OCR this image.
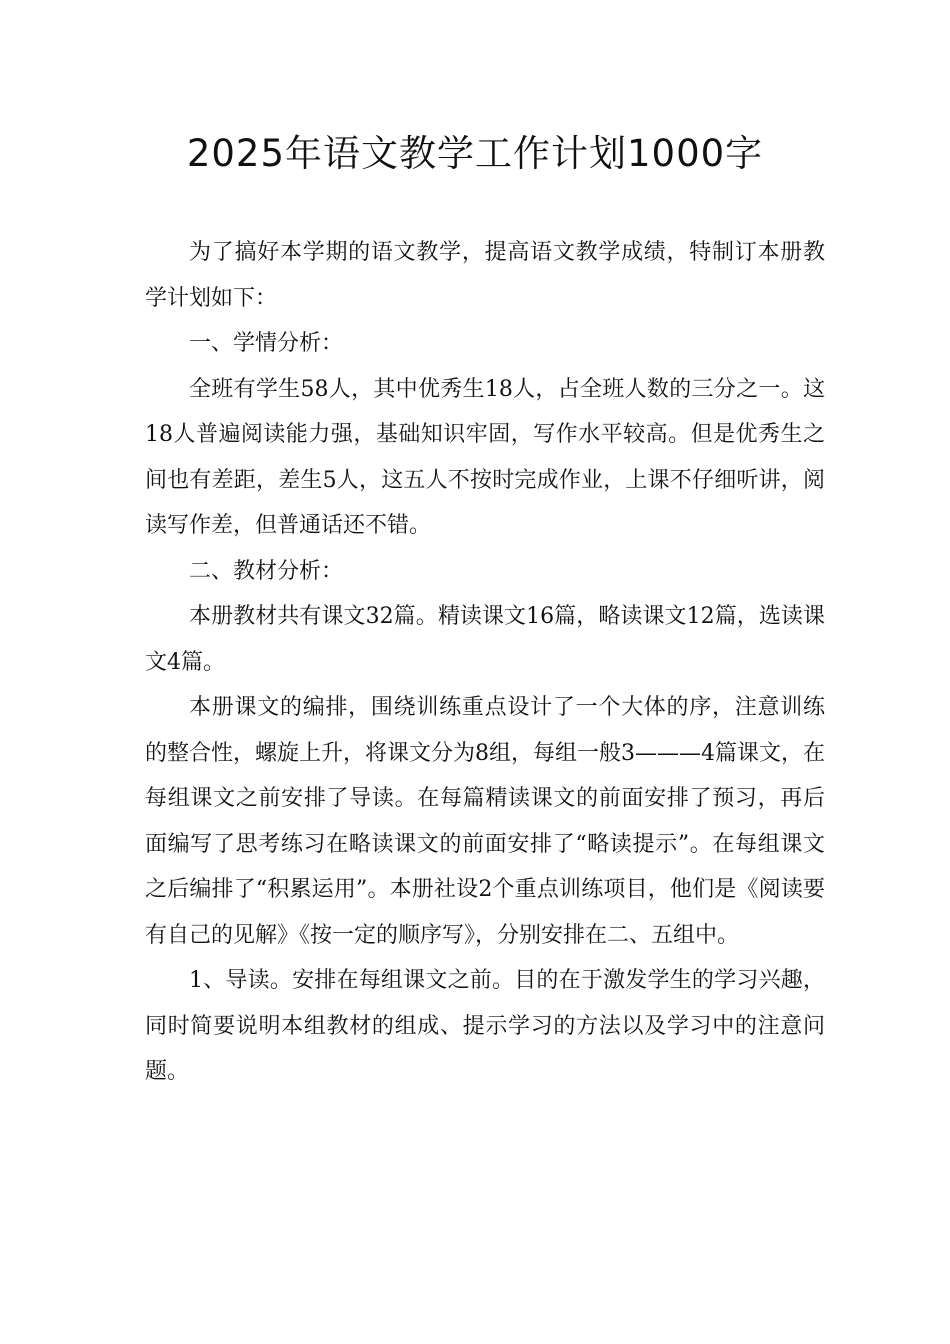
2025年语文教学工作计划1000字

为了搞好本学期的语文教学，提高语文教学成绩，特制订本册教学计划如下：

一、学情分析：

全班有学生58人，其中优秀生18人，占全班人数的三分之一。这18人普遍阅读能力强，基础知识牢固，写作水平较高。但是优秀生之间也有差距，差生5人，这五人不按时完成作业，上课不仔细听讲，阅读写作差，但普通话还不错。

二、教材分析：

本册教材共有课文32篇。精读课文16篇，略读课文12篇，选读课文4篇。

本册课文的编排，围绕训练重点设计了一个大体的序，注意训练的整合性，螺旋上升，将课文分为8组，每组一般3———4篇课文，在每组课文之前安排了导读。在每篇精读课文的前面安排了预习，再后面编写了思考练习在略读课文的前面安排了“略读提示”。在每组课文之后编排了“积累运用”。本册社设2个重点训练项目，他们是《阅读要有自己的见解》《按一定的顺序写》，分别安排在二、五组中。

1、导读。安排在每组课文之前。目的在于激发学生的学习兴趣，同时简要说明本组教材的组成、提示学习的方法以及学习中的注意问题。
